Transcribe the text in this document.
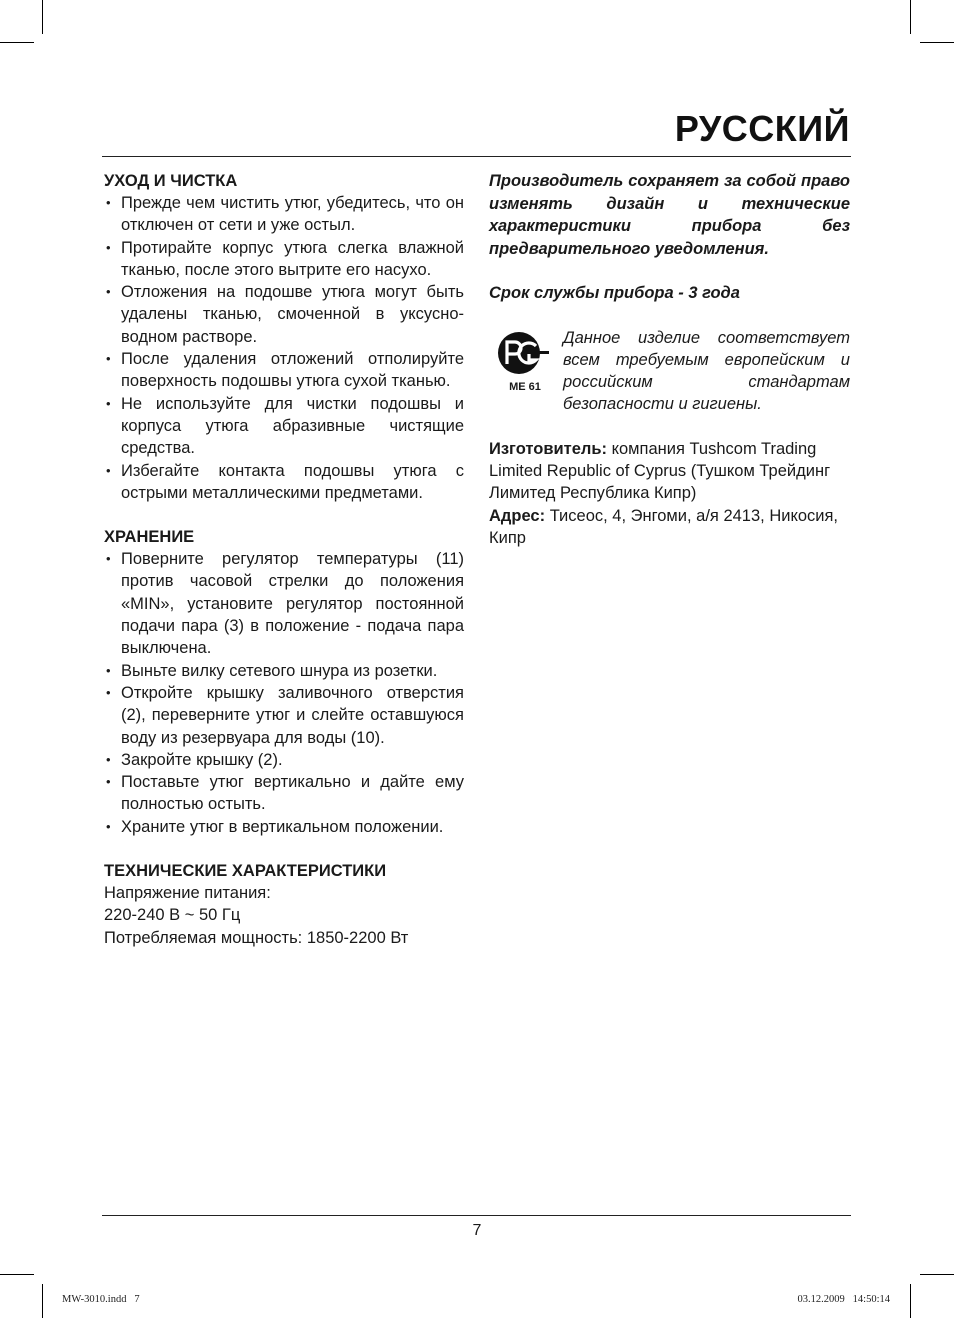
РУССКИЙ
УХОД И ЧИСТКА
• Прежде чем чистить утюг, убедитесь, что он отключен от сети и уже остыл.
• Протирайте корпус утюга слегка влажной тканью, после этого вытрите его насухо.
• Отложения на подошве утюга могут быть удалены тканью, смоченной в уксусно-водном растворе.
• После удаления отложений отполируйте поверхность подошвы утюга сухой тканью.
• Не используйте для чистки подошвы и корпуса утюга абразивные чистящие средства.
• Избегайте контакта подошвы утюга с острыми металлическими предметами.
ХРАНЕНИЕ
• Поверните регулятор температуры (11) против часовой стрелки до положения «MIN», установите регулятор постоянной подачи пара (3) в положение - подача пара выключена.
• Выньте вилку сетевого шнура из розетки.
• Откройте крышку заливочного отверстия (2), переверните утюг и слейте оставшуюся воду из резервуара для воды (10).
• Закройте крышку (2).
• Поставьте утюг вертикально и дайте ему полностью остыть.
• Храните утюг в вертикальном положении.
ТЕХНИЧЕСКИЕ ХАРАКТЕРИСТИКИ
Напряжение питания:
220-240 В ~ 50 Гц
Потребляемая мощность: 1850-2200 Вт
Производитель сохраняет за собой право изменять дизайн и технические характеристики прибора без предварительного уведомления.
Срок службы прибора - 3 года
ME 61
Данное изделие соответствует всем требуемым европейским и российским стандартам безопасности и гигиены.
Изготовитель: компания Tushcom Trading Limited Republic of Cyprus (Тушком Трейдинг Лимитед Республика Кипр)
Адрес: Тисеос, 4, Энгоми, а/я 2413, Никосия, Кипр
7
MW-3010.indd   7	03.12.2009   14:50:14
